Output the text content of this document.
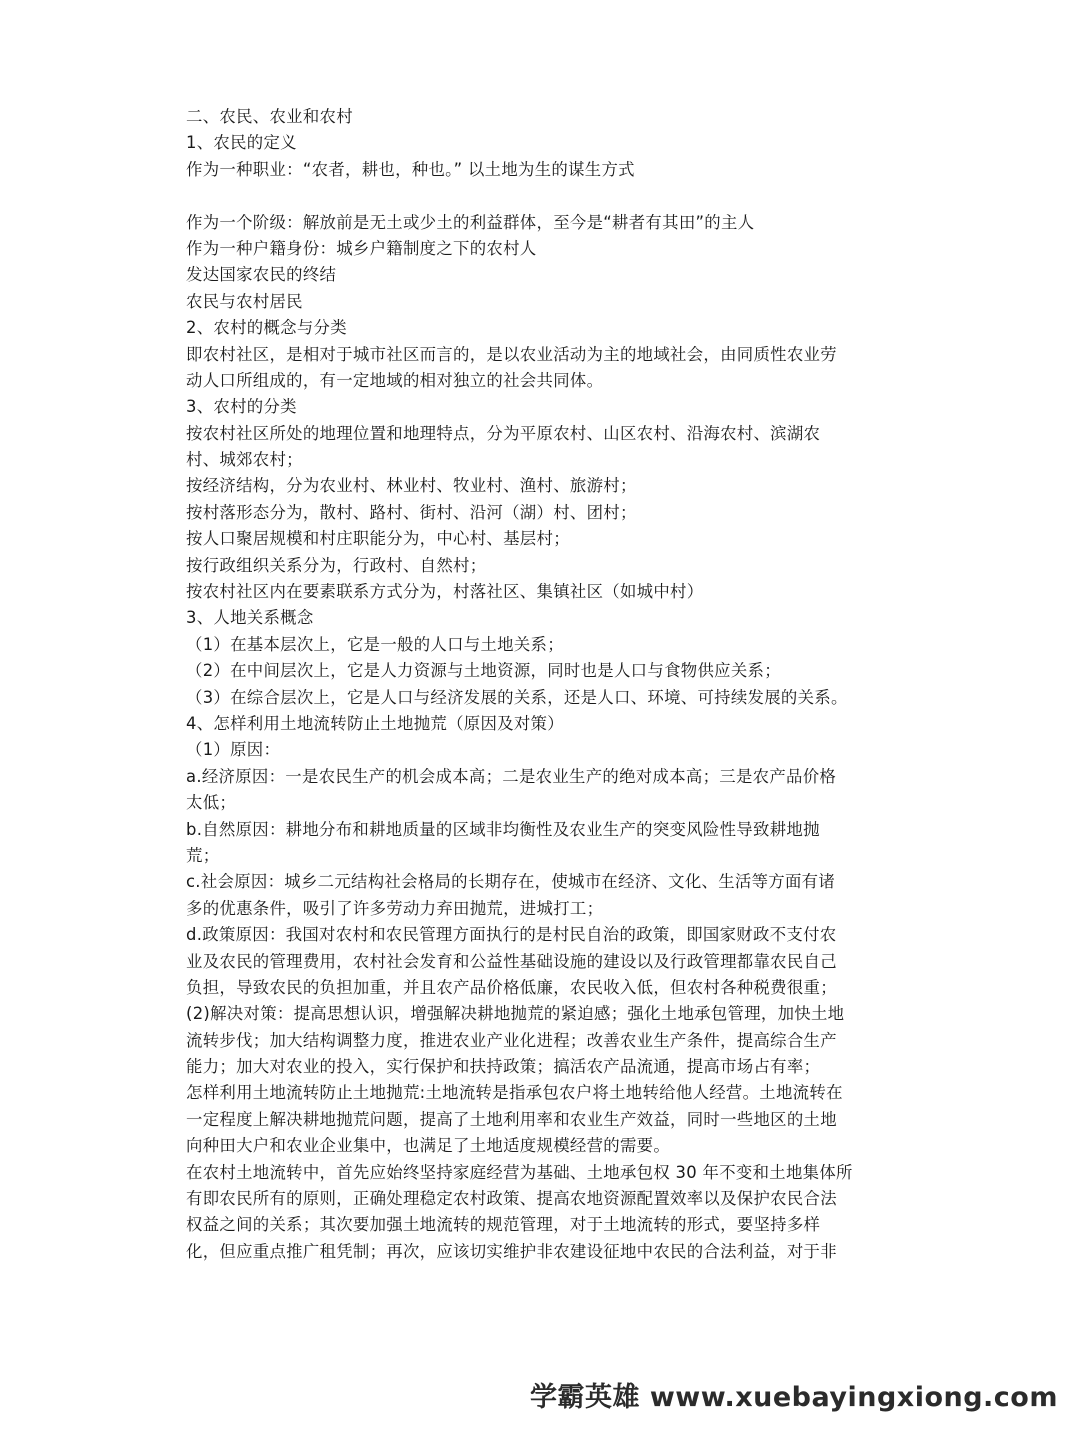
二、农民、农业和农村
1、农民的定义
作为一种职业：“农者，耕也，种也。” 以土地为生的谋生方式
作为一个阶级：解放前是无土或少土的利益群体，至今是“耕者有其田”的主人
作为一种户籍身份：城乡户籍制度之下的农村人
发达国家农民的终结
农民与农村居民
2、农村的概念与分类
即农村社区，是相对于城市社区而言的，是以农业活动为主的地域社会，由同质性农业劳
动人口所组成的，有一定地域的相对独立的社会共同体。
3、农村的分类
按农村社区所处的地理位置和地理特点，分为平原农村、山区农村、沿海农村、滨湖农
村、城郊农村；
按经济结构，分为农业村、林业村、牧业村、渔村、旅游村；
按村落形态分为，散村、路村、街村、沿河（湖）村、团村；
按人口聚居规模和村庄职能分为，中心村、基层村；
按行政组织关系分为，行政村、自然村；
按农村社区内在要素联系方式分为，村落社区、集镇社区（如城中村）
3、人地关系概念
（1）在基本层次上，它是一般的人口与土地关系；
（2）在中间层次上，它是人力资源与土地资源，同时也是人口与食物供应关系；
（3）在综合层次上，它是人口与经济发展的关系，还是人口、环境、可持续发展的关系。
4、怎样利用土地流转防止土地抛荒（原因及对策）
（1）原因：
a.经济原因：一是农民生产的机会成本高；二是农业生产的绝对成本高；三是农产品价格
太低；
b.自然原因：耕地分布和耕地质量的区域非均衡性及农业生产的突变风险性导致耕地抛
荒；
c.社会原因：城乡二元结构社会格局的长期存在，使城市在经济、文化、生活等方面有诸
多的优惠条件，吸引了许多劳动力弃田抛荒，进城打工；
d.政策原因：我国对农村和农民管理方面执行的是村民自治的政策，即国家财政不支付农
业及农民的管理费用，农村社会发育和公益性基础设施的建设以及行政管理都靠农民自己
负担，导致农民的负担加重，并且农产品价格低廉，农民收入低，但农村各种税费很重；
(2)解决对策：提高思想认识，增强解决耕地抛荒的紧迫感；强化土地承包管理，加快土地
流转步伐；加大结构调整力度，推进农业产业化进程；改善农业生产条件，提高综合生产
能力；加大对农业的投入，实行保护和扶持政策；搞活农产品流通，提高市场占有率；
怎样利用土地流转防止土地抛荒:土地流转是指承包农户将土地转给他人经营。土地流转在
一定程度上解决耕地抛荒问题，提高了土地利用率和农业生产效益，同时一些地区的土地
向种田大户和农业企业集中，也满足了土地适度规模经营的需要。
在农村土地流转中，首先应始终坚持家庭经营为基础、土地承包权 30 年不变和土地集体所
有即农民所有的原则，正确处理稳定农村政策、提高农地资源配置效率以及保护农民合法
权益之间的关系；其次要加强土地流转的规范管理，对于土地流转的形式，要坚持多样
化，但应重点推广租凭制；再次，应该切实维护非农建设征地中农民的合法利益，对于非
学霸英雄 www.xuebayingxiong.com
